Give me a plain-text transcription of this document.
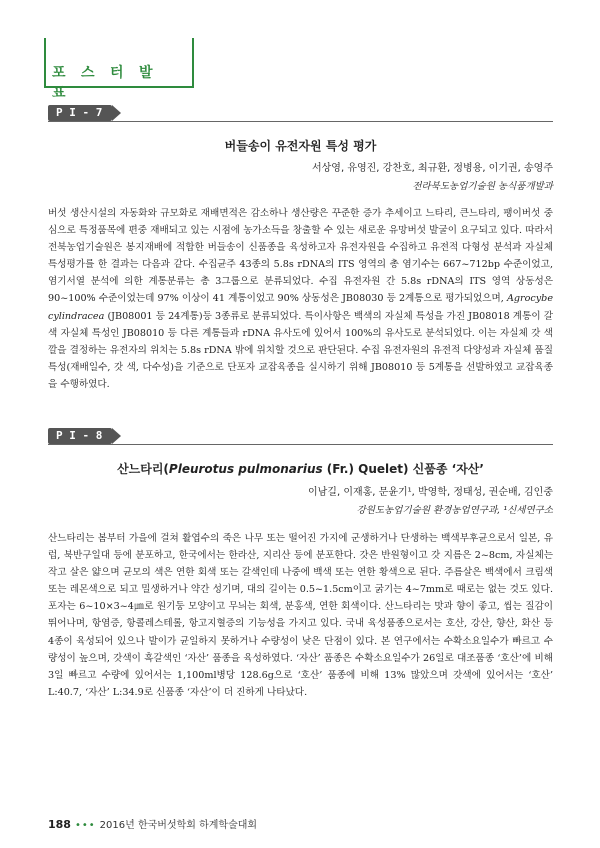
포 스 터 발표
P I - 7
버들송이 유전자원 특성 평가
서상영, 유영진, 강찬호, 최규환, 정병용, 이기권, 송영주
전라북도농업기술원 농식품개발과

버섯 생산시설의 자동화와 규모화로 재배면적은 감소하나 생산량은 꾸준한 증가 추세이고 느타리, 큰느타리, 팽이버섯 중심으로 특정품목에 편중 재배되고 있는 시점에 농가소득을 창출할 수 있는 새로운 유망버섯 발굴이 요구되고 있다. 따라서 전북농업기술원은 봉지재배에 적합한 버들송이 신품종을 육성하고자 유전자원을 수집하고 유전적 다형성 분석과 자실체 특성평가를 한 결과는 다음과 같다. 수집균주 43종의 5.8s rDNA의 ITS 영역의 총 염기수는 667~712bp 수준이었고, 염기서열 분석에 의한 계통분류는 총 3그룹으로 분류되었다. 수집 유전자원 간 5.8s rDNA의 ITS 영역 상동성은 90~100% 수준이었는데 97% 이상이 41 계통이었고 90% 상동성은 JB08030 등 2계통으로 평가되었으며, Agrocybe cylindracea (JB08001 등 24계통)등 3종류로 분류되었다. 특이사항은 백색의 자실체 특성을 가진 JB08018 계통이 갈색 자실체 특성인 JB08010 등 다른 계통들과 rDNA 유사도에 있어서 100%의 유사도로 분석되었다. 이는 자실체 갓 색깔을 결정하는 유전자의 위치는 5.8s rDNA 밖에 위치할 것으로 판단된다. 수집 유전자원의 유전적 다양성과 자실체 품질특성(재배일수, 갓 색, 다수성)을 기준으로 단포자 교잡육종을 실시하기 위해 JB08010 등 5계통을 선발하였고 교잡육종을 수행하였다.

P I - 8
산느타리(Pleurotus pulmonarius (Fr.) Quelet) 신품종 ‘자산’
이남길, 이재홍, 문윤기¹, 박영학, 정태성, 권순배, 김인중
강원도농업기술원 환경농업연구과, ¹신세연구소

산느타리는 봄부터 가을에 걸쳐 활엽수의 죽은 나무 또는 떨어진 가지에 군생하거나 단생하는 백색부후균으로서 일본, 유럽, 북반구일대 등에 분포하고, 한국에서는 한라산, 지리산 등에 분포한다. 갓은 반원형이고 갓 지름은 2~8cm, 자실체는 작고 살은 얇으며 균모의 색은 연한 회색 또는 갈색인데 나중에 백색 또는 연한 황색으로 된다. 주름살은 백색에서 크림색 또는 레몬색으로 되고 밀생하거나 약간 성기며, 대의 길이는 0.5~1.5cm이고 굵기는 4~7mm로 때로는 없는 것도 있다. 포자는 6~10×3~4㎛로 원기둥 모양이고 무늬는 회색, 분홍색, 연한 회색이다. 산느타리는 맛과 향이 좋고, 씹는 질감이 뛰어나며, 항염증, 항콜레스테롤, 항고지혈증의 기능성을 가지고 있다. 국내 육성품종으로서는 호산, 강산, 향산, 화산 등 4종이 육성되어 있으나 발이가 균일하지 못하거나 수량성이 낮은 단점이 있다. 본 연구에서는 수확소요일수가 빠르고 수량성이 높으며, 갓색이 흑갈색인 ‘자산’ 품종을 육성하였다. ‘자산’ 품종은 수확소요일수가 26일로 대조품종 ‘호산’에 비해 3일 빠르고 수량에 있어서는 1,100ml병당 128.6g으로 ‘호산’ 품종에 비해 13% 많았으며 갓색에 있어서는 ‘호산’ L:40.7, ‘자산’ L:34.9로 신품종 ‘자산’이 더 진하게 나타났다.

188 ••• 2016년 한국버섯학회 하계학술대회
